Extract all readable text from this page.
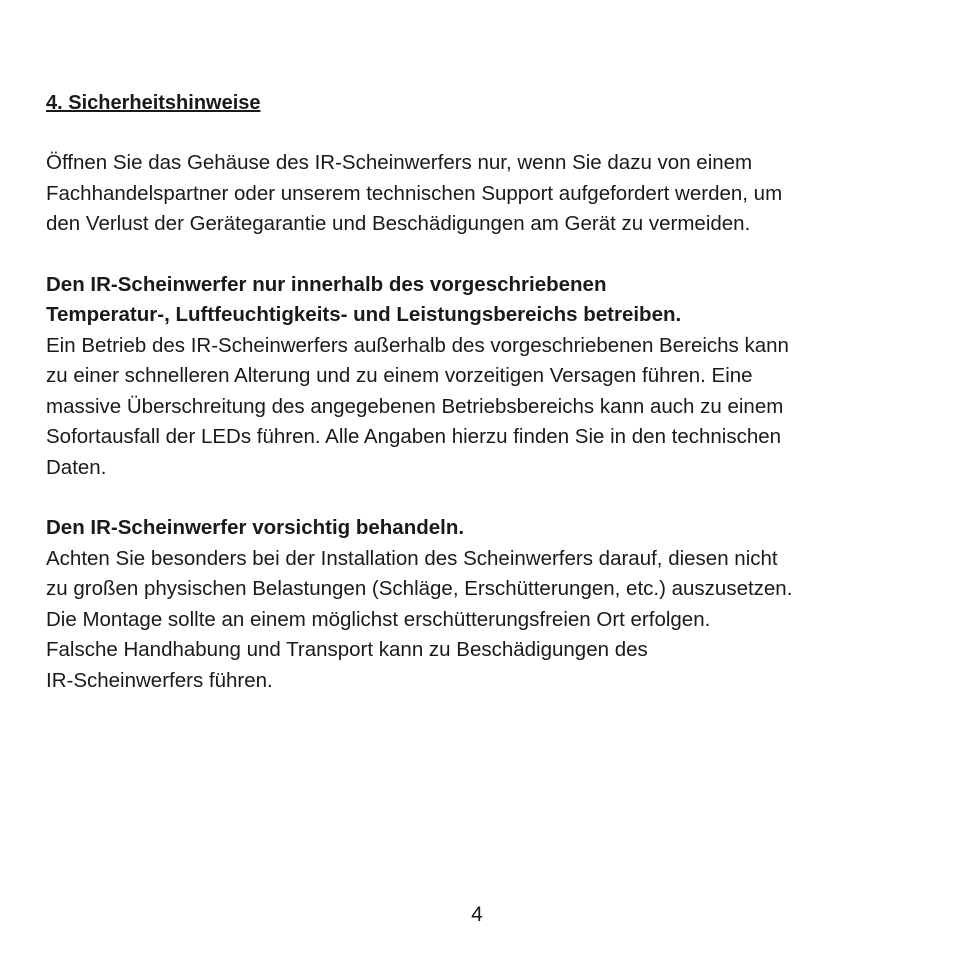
4. Sicherheitshinweise

Öffnen Sie das Gehäuse des IR-Scheinwerfers nur, wenn Sie dazu von einem
Fachhandelspartner oder unserem technischen Support aufgefordert werden, um
den Verlust der Gerätegarantie und Beschädigungen am Gerät zu vermeiden.

Den IR-Scheinwerfer nur innerhalb des vorgeschriebenen
Temperatur-, Luftfeuchtigkeits- und Leistungsbereichs betreiben.

Ein Betrieb des IR-Scheinwerfers außerhalb des vorgeschriebenen Bereichs kann
zu einer schnelleren Alterung und zu einem vorzeitigen Versagen führen. Eine
massive Überschreitung des angegebenen Betriebsbereichs kann auch zu einem
Sofortausfall der LEDs führen. Alle Angaben hierzu finden Sie in den technischen
Daten.

Den IR-Scheinwerfer vorsichtig behandeln.

Achten Sie besonders bei der Installation des Scheinwerfers darauf, diesen nicht
zu großen physischen Belastungen (Schläge, Erschütterungen, etc.) auszusetzen.
Die Montage sollte an einem möglichst erschütterungsfreien Ort erfolgen.
Falsche Handhabung und Transport kann zu Beschädigungen des
IR-Scheinwerfers führen.

4
